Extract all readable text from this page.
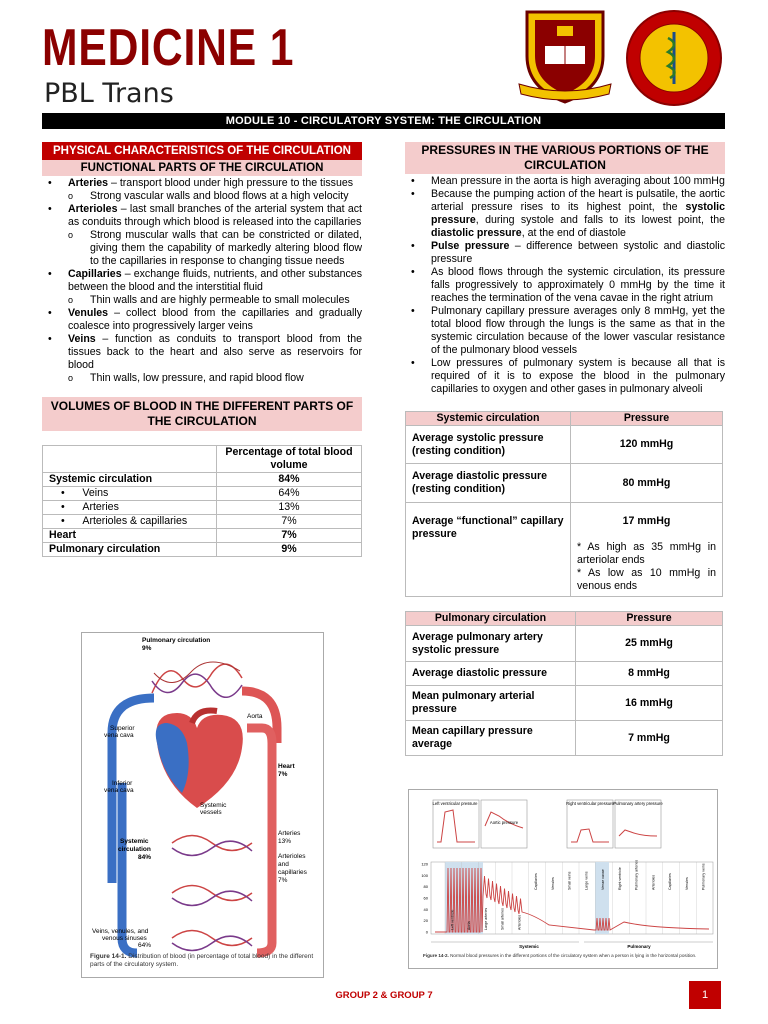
MEDICINE 1
PBL Trans
MODULE 10 - CIRCULATORY SYSTEM: THE CIRCULATION
PHYSICAL CHARACTERISTICS OF THE CIRCULATION
FUNCTIONAL PARTS OF THE CIRCULATION
• Arteries – transport blood under high pressure to the tissues
o Strong vascular walls and blood flows at a high velocity
• Arterioles – last small branches of the arterial system that act as conduits through which blood is released into the capillaries
o Strong muscular walls that can be constricted or dilated, giving them the capability of markedly altering blood flow to the capillaries in response to changing tissue needs
• Capillaries – exchange fluids, nutrients, and other substances between the blood and the interstitial fluid
o Thin walls and are highly permeable to small molecules
• Venules – collect blood from the capillaries and gradually coalesce into progressively larger veins
• Veins – function as conduits to transport blood from the tissues back to the heart and also serve as reservoirs for blood
o Thin walls, low pressure, and rapid blood flow
VOLUMES OF BLOOD IN THE DIFFERENT PARTS OF THE CIRCULATION
	Percentage of total blood volume
Systemic circulation	84%
•      Veins	64%
•      Arteries	13%
•      Arterioles & capillaries	7%
Heart	7%
Pulmonary circulation	9%
Pulmonary circulation
9%
Aorta
Superior
vena cava
Inferior
vena cava
Heart
7%
Systemic
vessels
Systemic
circulation
84%
Arteries
13%
Arterioles
and
capillaries
7%
Veins, venules, and
venous sinuses
64%
Figure 14-1. Distribution of blood (in percentage of total blood) in the different parts of the circulatory system.
PRESSURES IN THE VARIOUS PORTIONS OF THE CIRCULATION
• Mean pressure in the aorta is high averaging about 100 mmHg
• Because the pumping action of the heart is pulsatile, the aortic arterial pressure rises to its highest point, the systolic pressure, during systole and falls to its lowest point, the diastolic pressure, at the end of diastole
• Pulse pressure – difference between systolic and diastolic pressure
• As blood flows through the systemic circulation, its pressure falls progressively to approximately 0 mmHg by the time it reaches the termination of the vena cavae in the right atrium
• Pulmonary capillary pressure averages only 8 mmHg, yet the total blood flow through the lungs is the same as that in the systemic circulation because of the lower vascular resistance of the pulmonary blood vessels
• Low pressures of pulmonary system is because all that is required of it is to expose the blood in the pulmonary capillaries to oxygen and other gases in pulmonary alveoli
Systemic circulation	Pressure
Average systolic pressure (resting condition)	120 mmHg
Average diastolic pressure (resting condition)	80 mmHg
Average “functional” capillary pressure	17 mmHg
* As high as 35 mmHg in arteriolar ends
* As low as 10 mmHg in venous ends
Pulmonary circulation	Pressure
Average pulmonary artery systolic pressure	25 mmHg
Average diastolic pressure	8 mmHg
Mean pulmonary arterial pressure	16 mmHg
Mean capillary pressure average	7 mmHg
Left ventricular pressure
Aortic pressure
Right ventricular pressure Pulmonary artery pressure
120
100
80
60
40
20
0
Left ventricle	Aorta	Large arteries	Small arteries	Arterioles
Capillaries	Venules	Small veins	Large veins	Venae cavae	Right ventricle	Pulmonary arteries	Arterioles	Capillaries	Venules	Pulmonary veins
Systemic	Pulmonary
Figure 14-2. Normal blood pressures in the different portions of the circulatory system when a person is lying in the horizontal position.
GROUP 2 & GROUP 7	1
